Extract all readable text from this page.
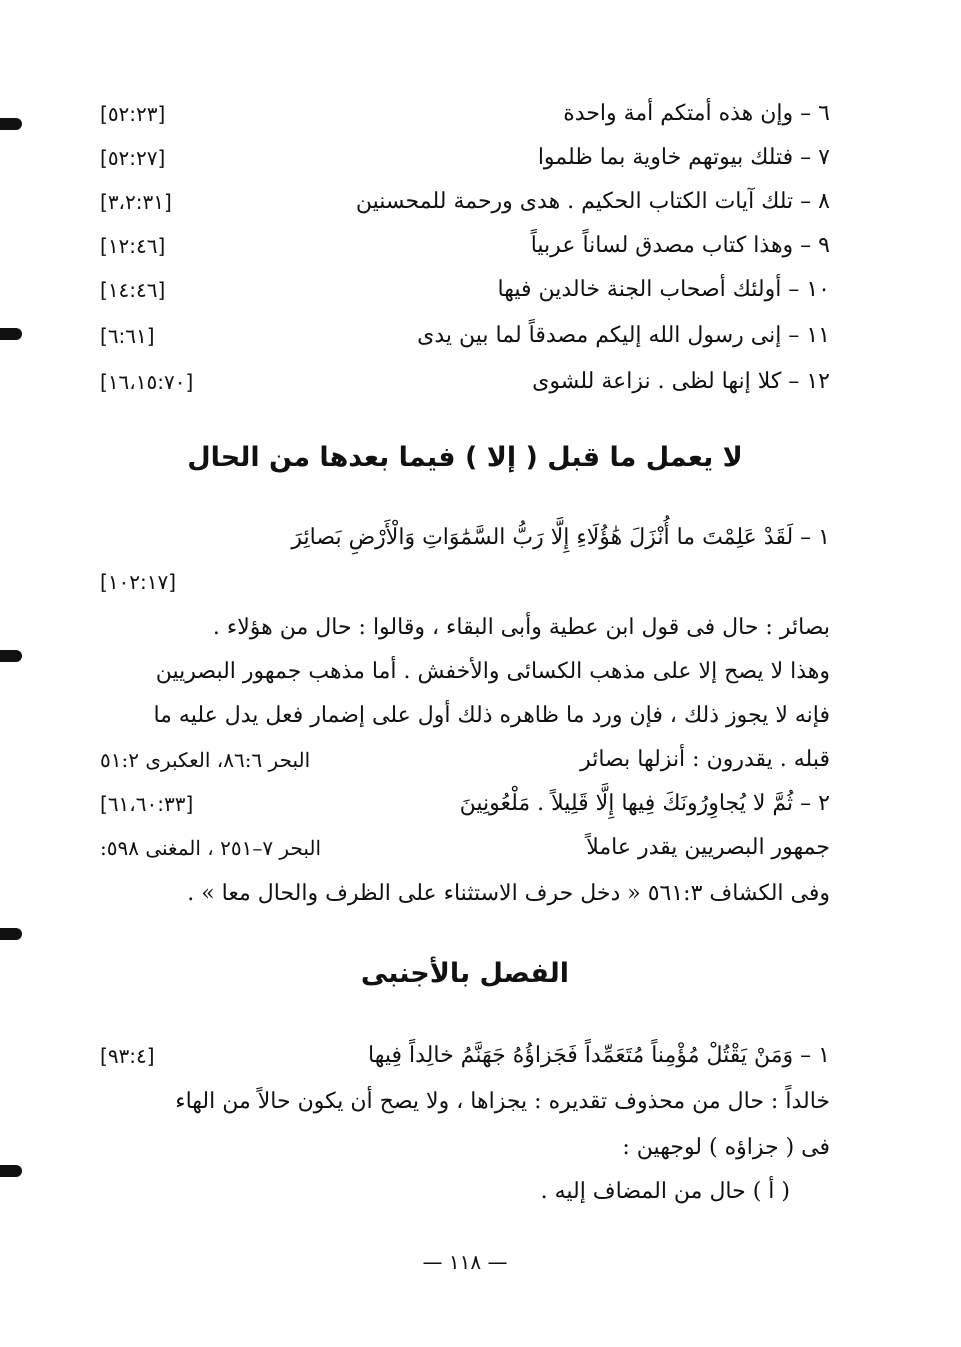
٦ – وإن هذه أمتكم أمة واحدة
[٥٢:٢٣]
٧ – فتلك بيوتهم خاوية بما ظلموا
[٥٢:٢٧]
٨ – تلك آيات الكتاب الحكيم . هدى ورحمة للمحسنين
[٣،٢:٣١]
٩ – وهذا كتاب مصدق لساناً عربياً
[١٢:٤٦]
١٠ – أولئك أصحاب الجنة خالدين فيها
[١٤:٤٦]
١١ – إنى رسول الله إليكم مصدقاً لما بين يدى
[٦:٦١]
١٢ – كلا إنها لظى . نزاعة للشوى
[١٦،١٥:٧٠]
لا يعمل ما قبل ( إلا ) فيما بعدها من الحال
١ – لَقَدْ عَلِمْتَ ما أُنْزَلَ هَٰؤُلَاءِ إِلَّا رَبُّ السَّمَٰوَاتِ وَالْأَرْضِ بَصائِرَ
[١٠٢:١٧]
بصائر : حال فى قول ابن عطية وأبى البقاء ، وقالوا : حال من هؤلاء .
وهذا لا يصح إلا على مذهب الكسائى والأخفش . أما مذهب جمهور البصريين
فإنه لا يجوز ذلك ، فإن ورد ما ظاهره ذلك أول على إضمار فعل يدل عليه ما
قبله . يقدرون : أنزلها بصائر
البحر ٨٦:٦، العكبرى ٥١:٢
٢ – ثُمَّ لا يُجاوِرُونَكَ فِيها إِلَّا قَلِيلاً . مَلْعُونِينَ
[٦١،٦٠:٣٣]
جمهور البصريين يقدر عاملاً
البحر ٧–٢٥١ ، المغنى ٥٩٨:
وفى الكشاف ٥٦١:٣ « دخل حرف الاستثناء على الظرف والحال معا » .
الفصل بالأجنبى
١ – وَمَنْ يَقْتُلْ مُؤْمِناً مُتَعَمِّداً فَجَزاؤُهُ جَهَنَّمُ خالِداً فِيها
[٩٣:٤]
خالداً : حال من محذوف تقديره : يجزاها ، ولا يصح أن يكون حالاً من الهاء
فى ( جزاؤه ) لوجهين :
( أ ) حال من المضاف إليه .
— ١١٨ —
